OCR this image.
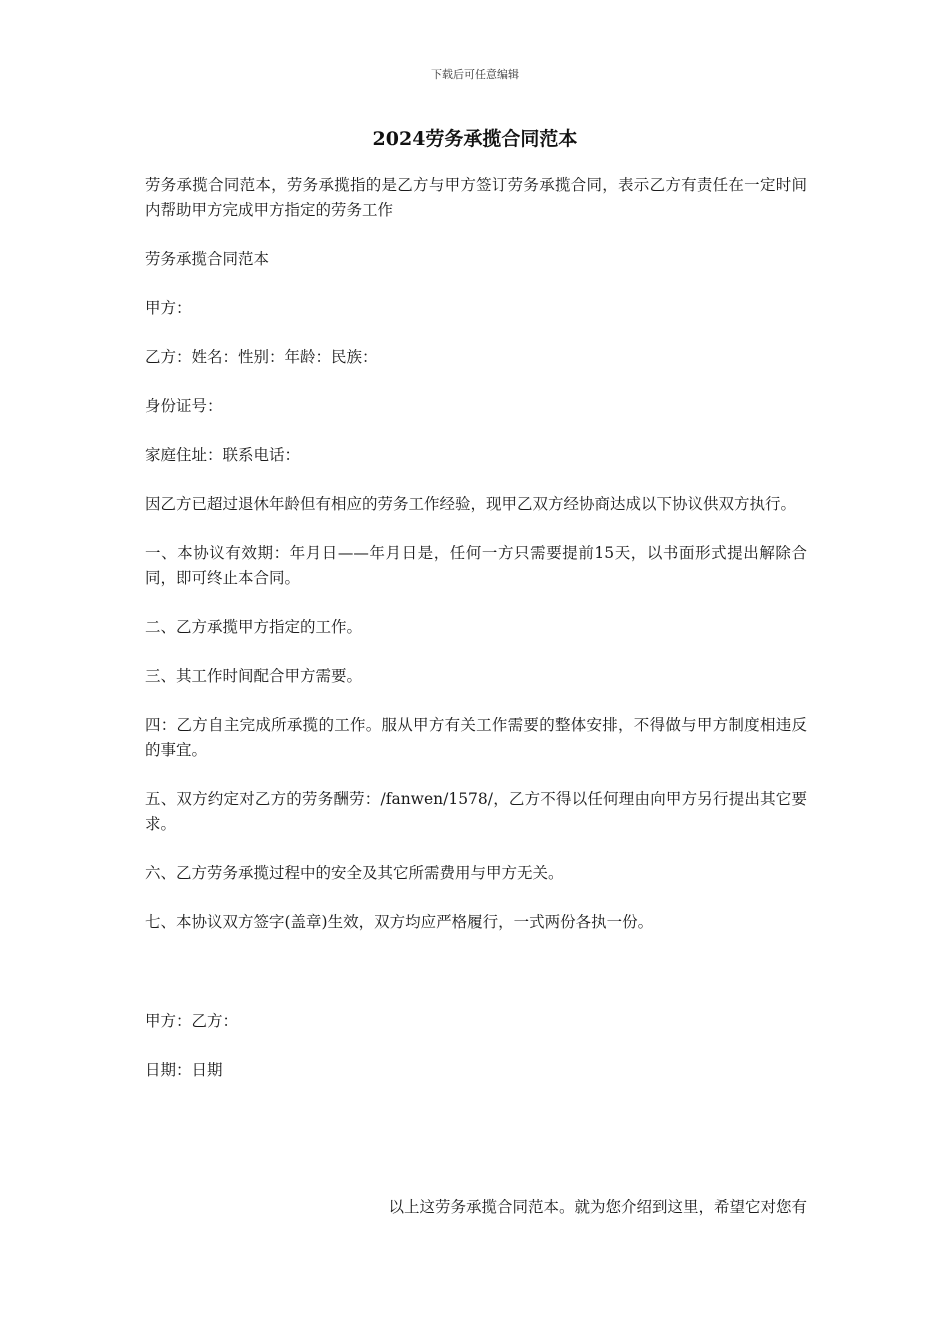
下载后可任意编辑
2024劳务承揽合同范本

劳务承揽合同范本，劳务承揽指的是乙方与甲方签订劳务承揽合同，表示乙方有责任在一定时间内帮助甲方完成甲方指定的劳务工作

劳务承揽合同范本

甲方：

乙方：姓名：性别：年龄：民族：

身份证号：

家庭住址：联系电话：

因乙方已超过退休年龄但有相应的劳务工作经验，现甲乙双方经协商达成以下协议供双方执行。

一、本协议有效期：年月日——年月日是，任何一方只需要提前15天，以书面形式提出解除合同，即可终止本合同。

二、乙方承揽甲方指定的工作。

三、其工作时间配合甲方需要。

四：乙方自主完成所承揽的工作。服从甲方有关工作需要的整体安排，不得做与甲方制度相违反的事宜。

五、双方约定对乙方的劳务酬劳：/fanwen/1578/，乙方不得以任何理由向甲方另行提出其它要求。

六、乙方劳务承揽过程中的安全及其它所需费用与甲方无关。

七、本协议双方签字(盖章)生效，双方均应严格履行，一式两份各执一份。

甲方：乙方：

日期：日期

以上这劳务承揽合同范本。就为您介绍到这里，希望它对您有
